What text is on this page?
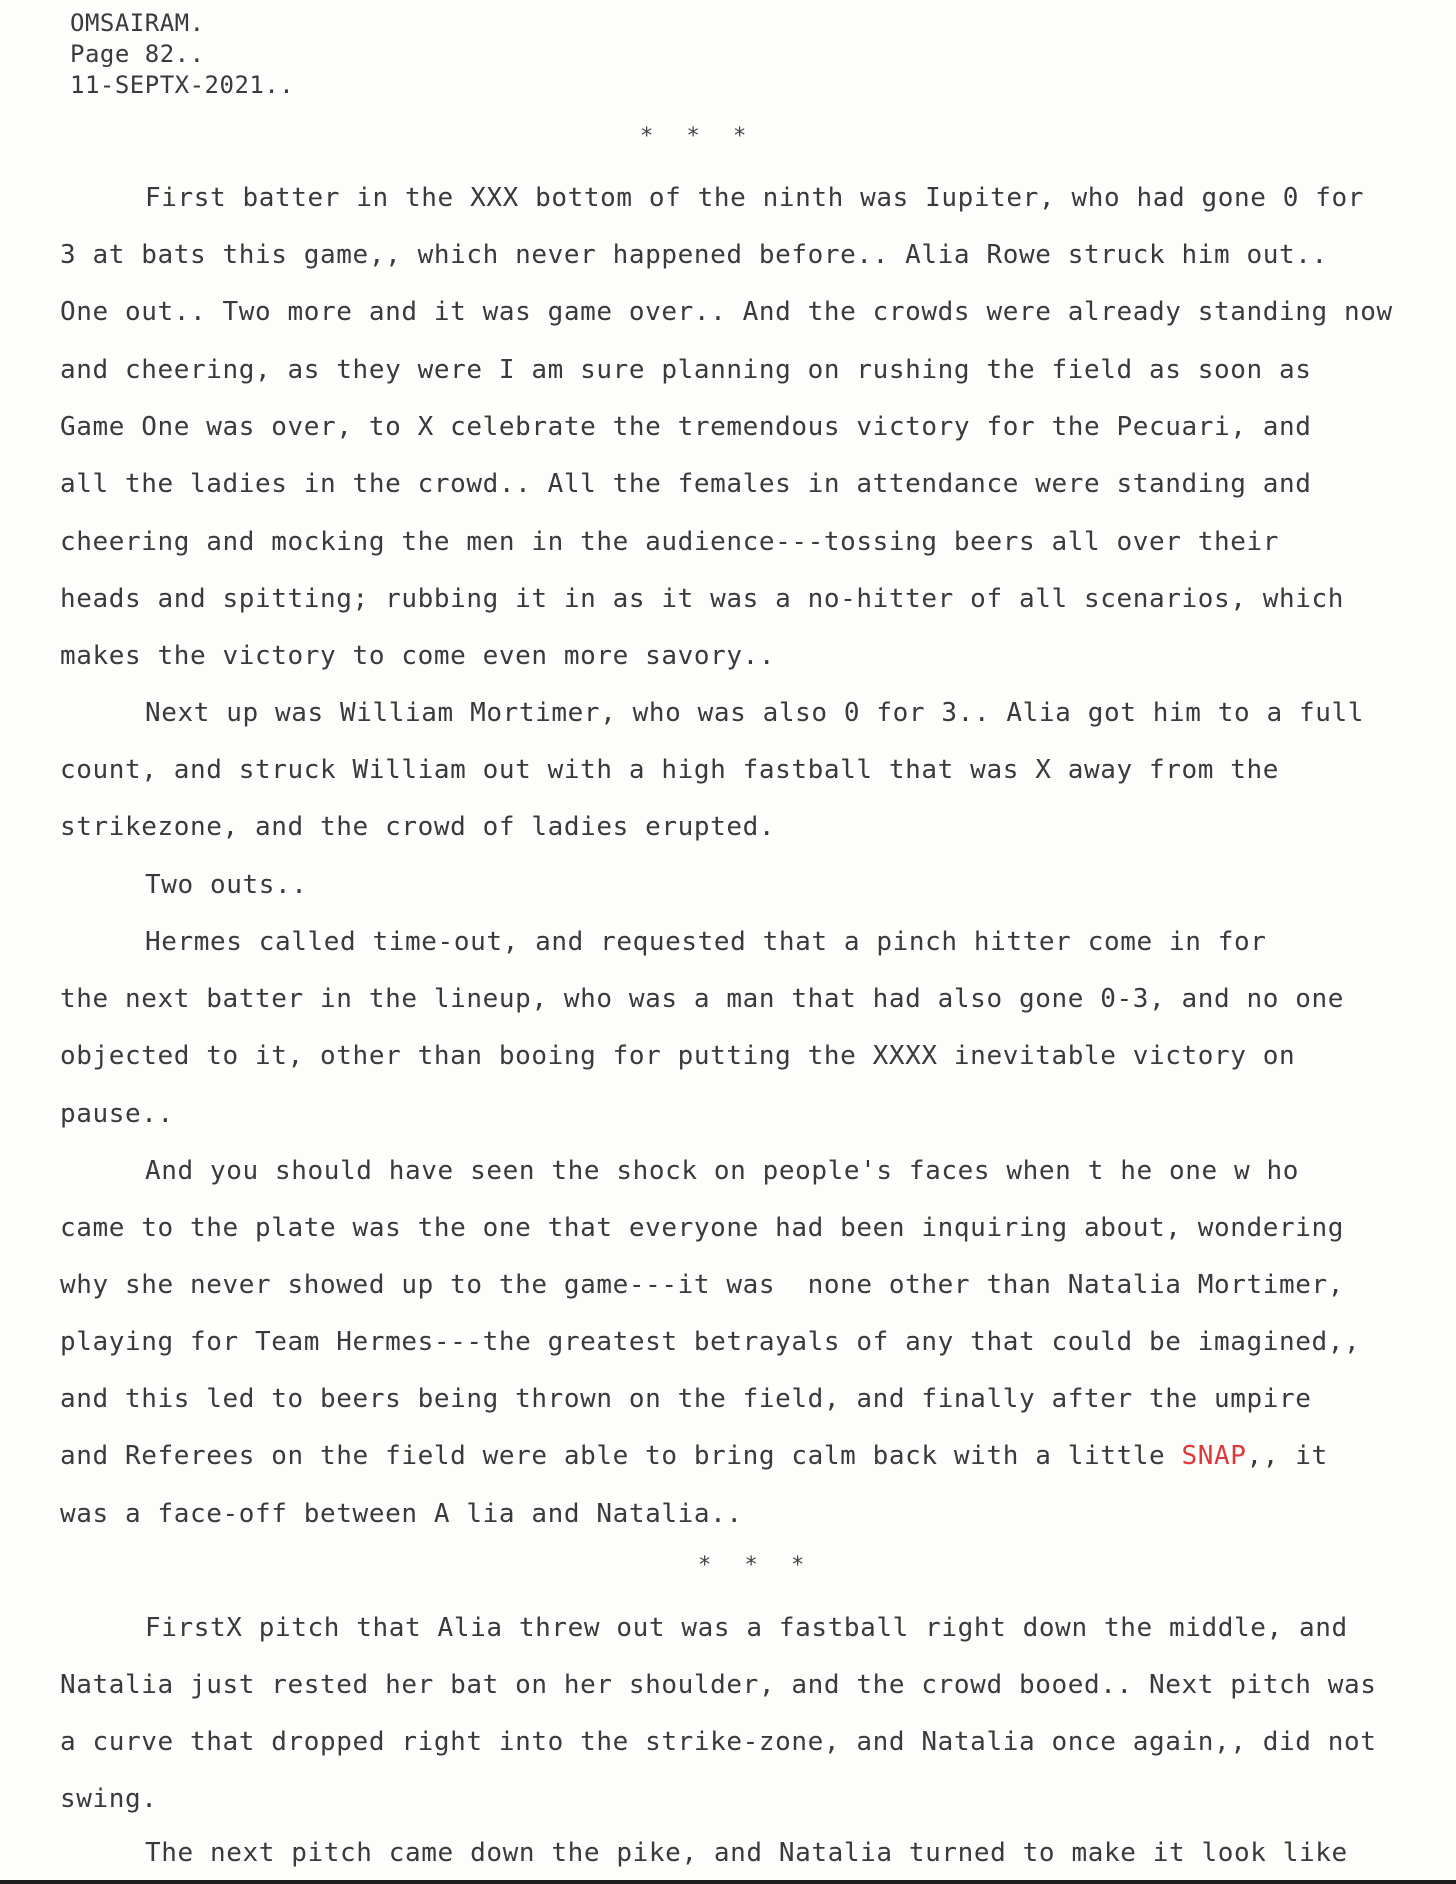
OMSAIRAM.
Page 82..
11-SEPTX-2021..
* * *
First batter in the XXX bottom of the ninth was Iupiter, who had gone 0 for
3 at bats this game,, which never happened before.. Alia Rowe struck him out..
One out.. Two more and it was game over.. And the crowds were already standing now
and cheering, as they were I am sure planning on rushing the field as soon as
Game One was over, to X celebrate the tremendous victory for the Pecuari, and
all the ladies in the crowd.. All the females in attendance were standing and
cheering and mocking the men in the audience---tossing beers all over their
heads and spitting; rubbing it in as it was a no-hitter of all scenarios, which
makes the victory to come even more savory..
Next up was William Mortimer, who was also 0 for 3.. Alia got him to a full
count, and struck William out with a high fastball that was X away from the
strikezone, and the crowd of ladies erupted.
Two outs..
Hermes called time-out, and requested that a pinch hitter come in for
the next batter in the lineup, who was a man that had also gone 0-3, and no one
objected to it, other than booing for putting the XXXX inevitable victory on
pause..
And you should have seen the shock on people's faces when t he one w ho
came to the plate was the one that everyone had been inquiring about, wondering
why she never showed up to the game---it was  none other than Natalia Mortimer,
playing for Team Hermes---the greatest betrayals of any that could be imagined,,
and this led to beers being thrown on the field, and finally after the umpire
and Referees on the field were able to bring calm back with a little SNAP,, it
was a face-off between A lia and Natalia..
* * *
FirstX pitch that Alia threw out was a fastball right down the middle, and
Natalia just rested her bat on her shoulder, and the crowd booed.. Next pitch was
a curve that dropped right into the strike-zone, and Natalia once again,, did not
swing.
The next pitch came down the pike, and Natalia turned to make it look like
